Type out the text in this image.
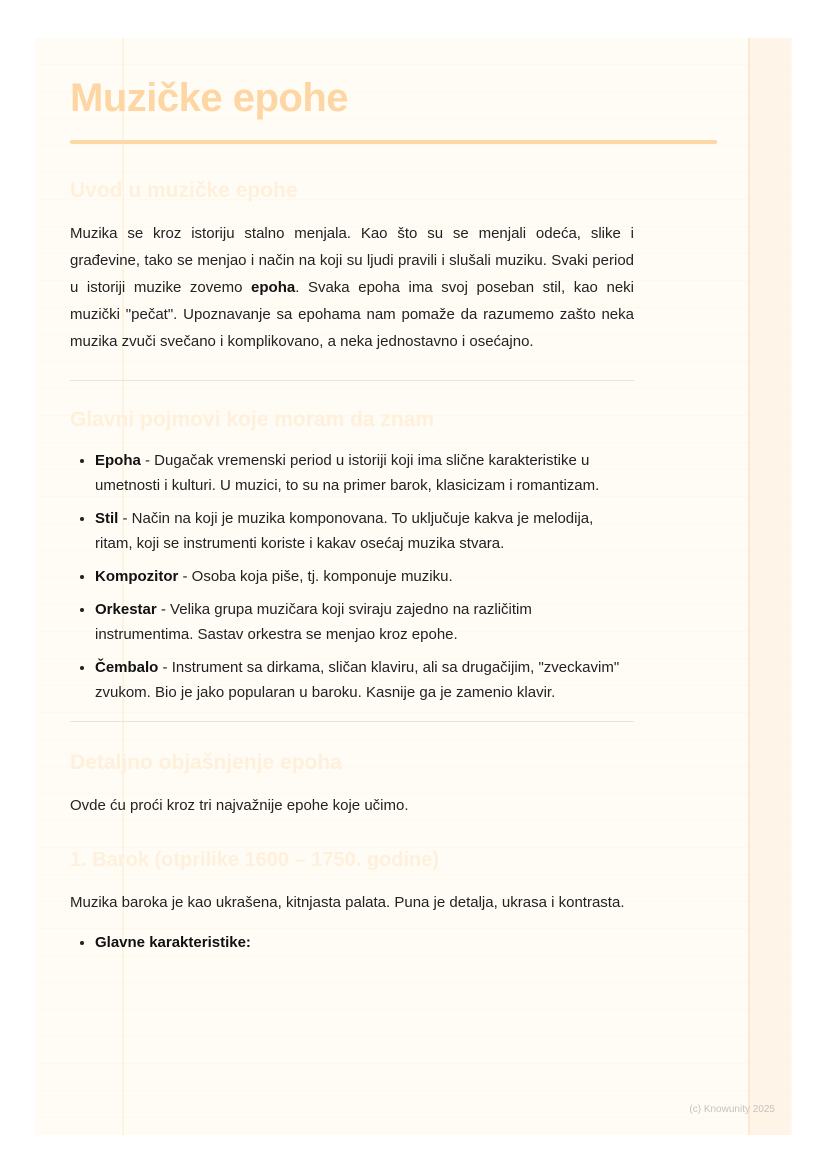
Muzičke epohe
Uvod u muzičke epohe

Muzika se kroz istoriju stalno menjala. Kao što su se menjali odeća, slike i građevine, tako se menjao i način na koji su ljudi pravili i slušali muziku. Svaki period u istoriji muzike zovemo epoha. Svaka epoha ima svoj poseban stil, kao neki muzički "pečat". Upoznavanje sa epohama nam pomaže da razumemo zašto neka muzika zvuči svečano i komplikovano, a neka jednostavno i osećajno.

Glavni pojmovi koje moram da znam
• Epoha - Dugačak vremenski period u istoriji koji ima slične karakteristike u umetnosti i kulturi. U muzici, to su na primer barok, klasicizam i romantizam.
• Stil - Način na koji je muzika komponovana. To uključuje kakva je melodija, ritam, koji se instrumenti koriste i kakav osećaj muzika stvara.
• Kompozitor - Osoba koja piše, tj. komponuje muziku.
• Orkestar - Velika grupa muzičara koji sviraju zajedno na različitim instrumentima. Sastav orkestra se menjao kroz epohe.
• Čembalo - Instrument sa dirkama, sličan klaviru, ali sa drugačijim, "zveckavim" zvukom. Bio je jako popularan u baroku. Kasnije ga je zamenio klavir.
Detaljno objašnjenje epoha

Ovde ću proći kroz tri najvažnije epohe koje učimo.

1. Barok (otprilike 1600 – 1750. godine)

Muzika baroka je kao ukrašena, kitnjasta palata. Puna je detalja, ukrasa i kontrasta.

• Glavne karakteristike:
(c) Knowunity 2025
